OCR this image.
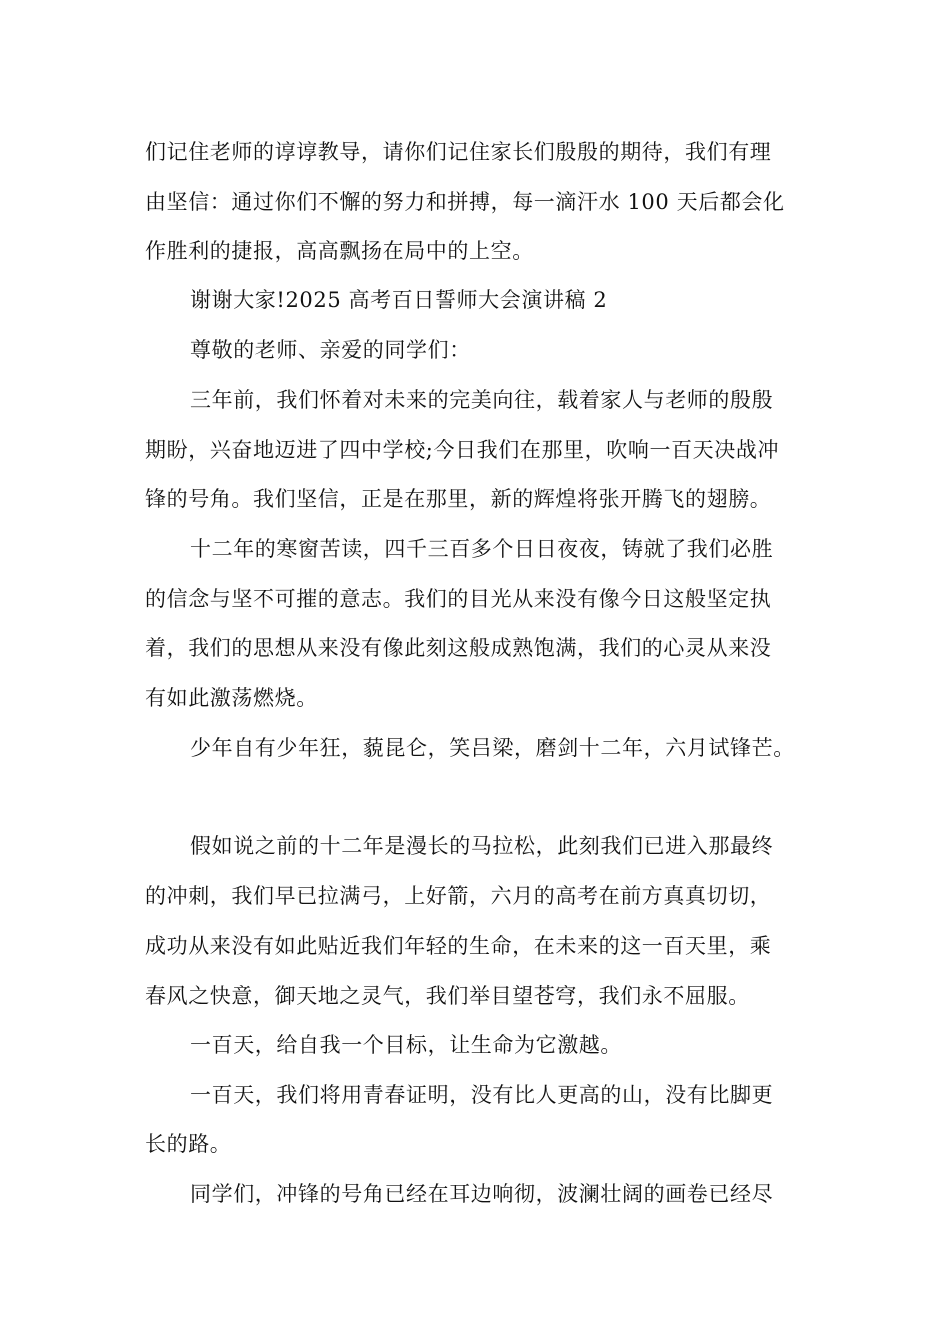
们记住老师的谆谆教导，请你们记住家长们殷殷的期待，我们有理
由坚信：通过你们不懈的努力和拼搏，每一滴汗水 100 天后都会化
作胜利的捷报，高高飘扬在局中的上空。
谢谢大家!2025 高考百日誓师大会演讲稿 2
尊敬的老师、亲爱的同学们：
三年前，我们怀着对未来的完美向往，载着家人与老师的殷殷
期盼，兴奋地迈进了四中学校;今日我们在那里，吹响一百天决战冲
锋的号角。我们坚信，正是在那里，新的辉煌将张开腾飞的翅膀。
十二年的寒窗苦读，四千三百多个日日夜夜，铸就了我们必胜
的信念与坚不可摧的意志。我们的目光从来没有像今日这般坚定执
着，我们的思想从来没有像此刻这般成熟饱满，我们的心灵从来没
有如此激荡燃烧。
少年自有少年狂，藐昆仑，笑吕梁，磨剑十二年，六月试锋芒。
假如说之前的十二年是漫长的马拉松，此刻我们已进入那最终
的冲刺，我们早已拉满弓，上好箭，六月的高考在前方真真切切，
成功从来没有如此贴近我们年轻的生命，在未来的这一百天里，乘
春风之快意，御天地之灵气，我们举目望苍穹，我们永不屈服。
一百天，给自我一个目标，让生命为它激越。
一百天，我们将用青春证明，没有比人更高的山，没有比脚更
长的路。
同学们，冲锋的号角已经在耳边响彻，波澜壮阔的画卷已经尽
